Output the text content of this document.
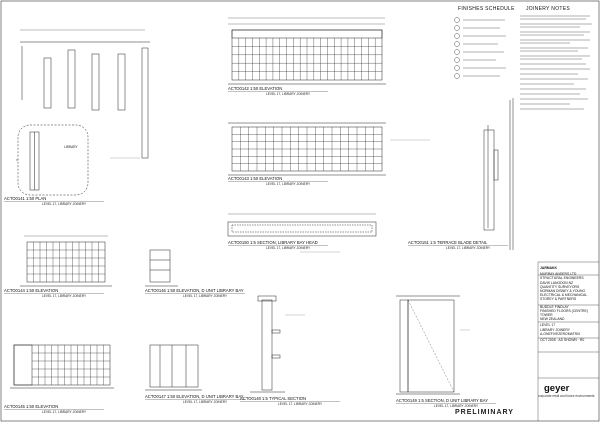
LIBRARY
FINISHES SCHEDULE JOINERY NOTES
ACTO0141 1:50 PLAN
LEVEL 17, LIBRARY JOINERY
ACTO0142 1:50 ELEVATION
LEVEL 17, LIBRARY JOINERY
ACTO0143 1:50 ELEVATION
LEVEL 17, LIBRARY JOINERY
ACTO0144 1:50 ELEVATION
LEVEL 17, LIBRARY JOINERY
ACTO0145 1:50 ELEVATION
LEVEL 17, LIBRARY JOINERY
ACTO0146 1:50 ELEVATION, D UNIT LIBRARY BAY
LEVEL 17, LIBRARY JOINERY
ACTO0147 1:50 ELEVATION, D UNIT LIBRARY BAY
LEVEL 17, LIBRARY JOINERY
ACTO0148 1:5 TYPICAL SECTION
LEVEL 17, LIBRARY JOINERY
ACTO0149 1:5 SECTION, D UNIT LIBRARY BAY
LEVEL 17, LIBRARY JOINERY
ACTO0150 1:5 SECTION, LIBRARY BAY HEAD
LEVEL 17, LIBRARY JOINERY
ACTO0151 1:5 TERRACE BLADE DETAIL
LEVEL 17, LIBRARY JOINERY
JARMAKK
MURRAY ANDERS LTD
STRUCTURAL ENGINEERS
DAVIS LANGDON NZ
QUANTITY SURVEYORS
NORMAN DISNEY & YOUNG
ELECTRICAL & MECHANICAL
STOREY & PARTNERS
BUDDLE FINDLAY
FINISHED FLOORS (CENTRE)
TOWER
NEW ZEALAND
LEVEL 17
LIBRARY JOINERY
A-ONEFIVEZEROMATRIX
OCT 2005 · AS SHOWN · R0
geyer
corporate retail and future environments
PRELIMINARY
